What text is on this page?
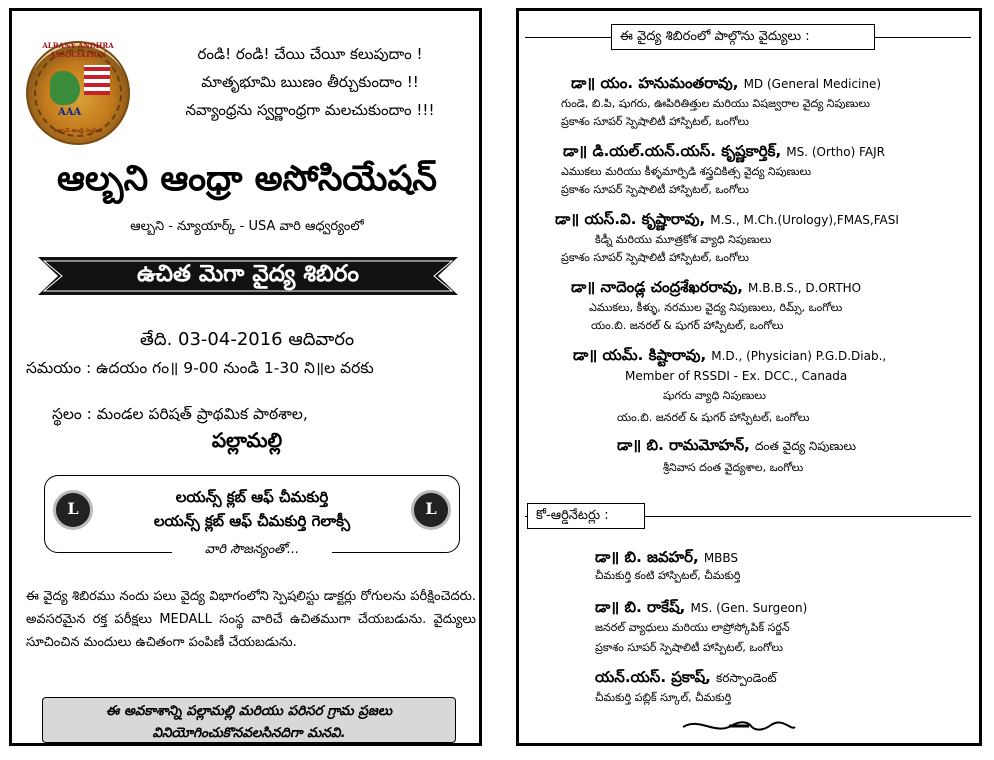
ALBANY ANDHRA ASSOCIATION
AAA
ఆల్బని ఆంధ్ర సంఘం
రండి! రండి! చేయి చేయీ కలుపుదాం !
మాతృభూమి ఋణం తీర్చుకుందాం !!
నవ్యాంధ్రను స్వర్ణాంధ్రగా మలచుకుందాం !!!
ఆల్బని ఆంధ్రా అసోసియేషన్
ఆల్బని - న్యూయార్క్ - USA వారి ఆధ్వర్యంలో
ఉచిత మెగా వైద్య శిబిరం
తేది. 03-04-2016 ఆదివారం
సమయం : ఉదయం గం॥ 9-00 నుండి 1-30 ని॥ల వరకు
స్థలం : మండల పరిషత్ ప్రాథమిక పాఠశాల,
పల్లామల్లి
L
లయన్స్ క్లబ్ ఆఫ్ చీమకుర్తి
లయన్స్ క్లబ్ ఆఫ్ చీమకుర్తి గెలాక్సీ
L
వారి సౌజన్యంతో...
ఈ వైద్య శిబిరము నందు పలు వైద్య విభాగంలోని స్పెషలిస్టు డాక్టర్లు రోగులను పరీక్షించెదరు. అవసరమైన రక్త పరీక్షలు MEDALL సంస్థ వారిచే ఉచితముగా చేయబడును. వైద్యులు సూచించిన మందులు ఉచితంగా పంపిణీ చేయబడును.
ఈ అవకాశాన్ని పల్లామల్లి మరియు పరిసర గ్రామ ప్రజలు
వినియోగించుకొనవలసినదిగా మనవి.
ఈ వైద్య శిబిరంలో పాల్గొను వైద్యులు :
డా॥ యం. హనుమంతరావు, MD (General Medicine)
గుండె, బి.పి, షుగరు, ఊపిరితిత్తుల మరియు విషజ్వరాల వైద్య నిపుణులు
ప్రకాశం సూపర్ స్పెషాలిటీ హాస్పిటల్, ఒంగోలు
డా॥ డి.యల్.యన్.యస్. కృష్ణకార్తిక్, MS. (Ortho) FAJR
ఎముకలు మరియు కీళ్ళమార్పిడి శస్త్రచికిత్స వైద్య నిపుణులు
ప్రకాశం సూపర్ స్పెషాలిటీ హాస్పిటల్, ఒంగోలు
డా॥ యస్.వి. కృష్ణారావు, M.S., M.Ch.(Urology),FMAS,FASI
కిడ్నీ మరియు మూత్రకోశ వ్యాధి నిపుణులు
ప్రకాశం సూపర్ స్పెషాలిటీ హాస్పిటల్, ఒంగోలు
డా॥ నాదెండ్ల చంద్రశేఖరరావు, M.B.B.S., D.ORTHO
ఎముకలు, కీళ్ళు, నరముల వైద్య నిపుణులు, రిమ్స్, ఒంగోలు
యం.బి. జనరల్ & షుగర్ హాస్పిటల్, ఒంగోలు
డా॥ యమ్. కిష్టారావు, M.D., (Physician) P.G.D.Diab.,
Member of RSSDI - Ex. DCC., Canada
షుగరు వ్యాధి నిపుణులు
యం.బి. జనరల్ & షుగర్ హాస్పిటల్, ఒంగోలు
డా॥ బి. రామమోహన్, దంత వైద్య నిపుణులు
శ్రీనివాస దంత వైద్యశాల, ఒంగోలు
కో-ఆర్డినేటర్లు :
డా॥ బి. జవహర్, MBBS
చీమకుర్తి కంటి హాస్పిటల్, చీమకుర్తి
డా॥ బి. రాకేష్, MS. (Gen. Surgeon)
జనరల్ వ్యాధులు మరియు లాప్రోస్కోపిక్ సర్జన్
ప్రకాశం సూపర్ స్పెషాలిటీ హాస్పిటల్, ఒంగోలు
యన్.యస్. ప్రకాష్, కరస్పాండెంట్
చీమకుర్తి పబ్లిక్ స్కూల్, చీమకుర్తి
